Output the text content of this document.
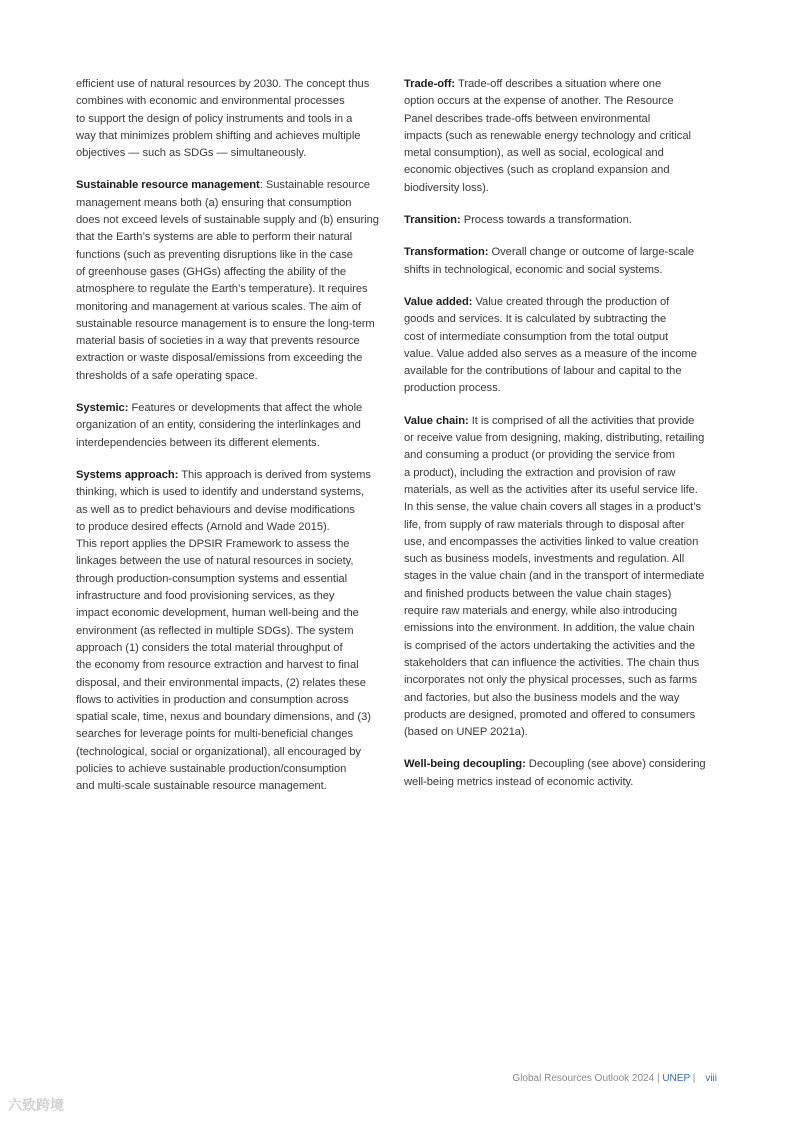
efficient use of natural resources by 2030. The concept thus
combines with economic and environmental processes
to support the design of policy instruments and tools in a
way that minimizes problem shifting and achieves multiple
objectives — such as SDGs — simultaneously.
Sustainable resource management: Sustainable resource
management means both (a) ensuring that consumption
does not exceed levels of sustainable supply and (b) ensuring
that the Earth’s systems are able to perform their natural
functions (such as preventing disruptions like in the case
of greenhouse gases (GHGs) affecting the ability of the
atmosphere to regulate the Earth’s temperature). It requires
monitoring and management at various scales. The aim of
sustainable resource management is to ensure the long-term
material basis of societies in a way that prevents resource
extraction or waste disposal/emissions from exceeding the
thresholds of a safe operating space.
Systemic: Features or developments that affect the whole
organization of an entity, considering the interlinkages and
interdependencies between its different elements.
Systems approach: This approach is derived from systems
thinking, which is used to identify and understand systems,
as well as to predict behaviours and devise modifications
to produce desired effects (Arnold and Wade 2015).
This report applies the DPSIR Framework to assess the
linkages between the use of natural resources in society,
through production-consumption systems and essential
infrastructure and food provisioning services, as they
impact economic development, human well-being and the
environment (as reflected in multiple SDGs). The system
approach (1) considers the total material throughput of
the economy from resource extraction and harvest to final
disposal, and their environmental impacts, (2) relates these
flows to activities in production and consumption across
spatial scale, time, nexus and boundary dimensions, and (3)
searches for leverage points for multi-beneficial changes
(technological, social or organizational), all encouraged by
policies to achieve sustainable production/consumption
and multi-scale sustainable resource management.
Trade-off: Trade-off describes a situation where one
option occurs at the expense of another. The Resource
Panel describes trade-offs between environmental
impacts (such as renewable energy technology and critical
metal consumption), as well as social, ecological and
economic objectives (such as cropland expansion and
biodiversity loss).
Transition: Process towards a transformation.
Transformation: Overall change or outcome of large-scale
shifts in technological, economic and social systems.
Value added: Value created through the production of
goods and services. It is calculated by subtracting the
cost of intermediate consumption from the total output
value. Value added also serves as a measure of the income
available for the contributions of labour and capital to the
production process.
Value chain: It is comprised of all the activities that provide
or receive value from designing, making, distributing, retailing
and consuming a product (or providing the service from
a product), including the extraction and provision of raw
materials, as well as the activities after its useful service life.
In this sense, the value chain covers all stages in a product’s
life, from supply of raw materials through to disposal after
use, and encompasses the activities linked to value creation
such as business models, investments and regulation. All
stages in the value chain (and in the transport of intermediate
and finished products between the value chain stages)
require raw materials and energy, while also introducing
emissions into the environment. In addition, the value chain
is comprised of the actors undertaking the activities and the
stakeholders that can influence the activities. The chain thus
incorporates not only the physical processes, such as farms
and factories, but also the business models and the way
products are designed, promoted and offered to consumers
(based on UNEP 2021a).
Well-being decoupling: Decoupling (see above) considering
well-being metrics instead of economic activity.
Global Resources Outlook 2024 | UNEP | viii
六致跨境
